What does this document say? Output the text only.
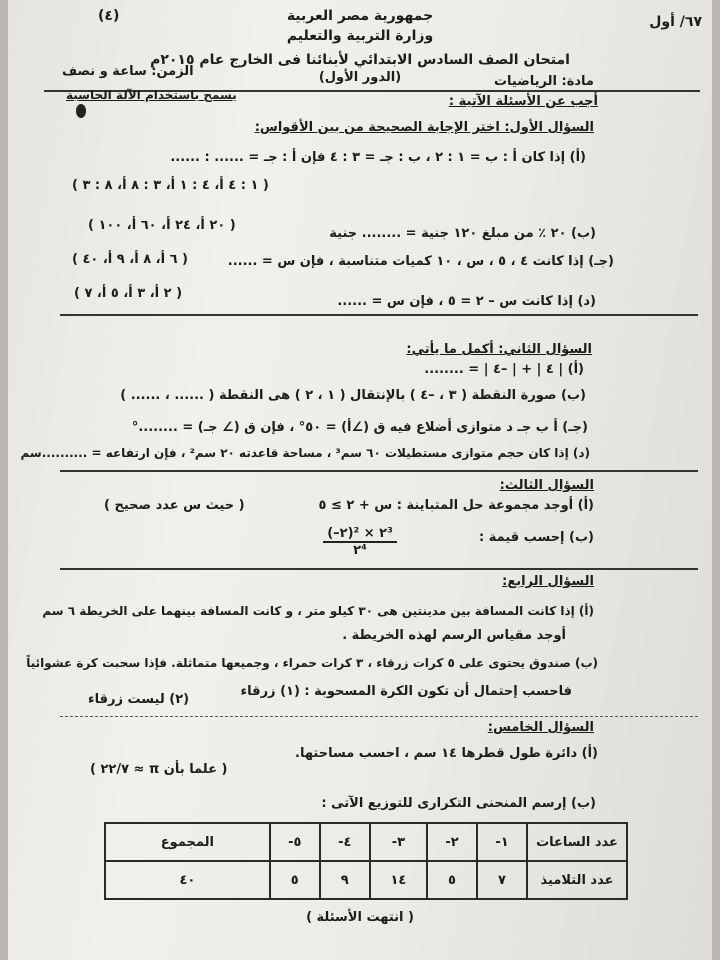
جمهورية مصر العربية
وزارة التربية والتعليم
امتحان الصف السادس الابتدائي لأبنائنا فى الخارج عام ٢٠١٥م
(٤)	٦٧/ أول
مادة: الرياضيات
(الدور الأول)
الزمن: ساعة و نصف
أجب عن الأسئلة الآتية :
يسمح باستخدام الآلة الحاسبة
السؤال الأول: اختر الإجابة الصحيحة من بين الأقواس:
(أ) إذا كان أ : ب = ١ : ٢ ، ب : جـ = ٣ : ٤ فإن أ : جـ = ...... : ......
( ١ : ٤ أ، ٤ : ١ أ، ٣ : ٨ أ، ٨ : ٣ )
(ب) ٢٠ ٪ من مبلغ ١٢٠ جنية = ........ جنية
( ٢٠ أ، ٢٤ أ، ٦٠ أ، ١٠٠ )
(جـ) إذا كانت ٤ ، ٥ ، س ، ١٠ كميات متناسبة ، فإن س = ......
( ٦ أ، ٨ أ، ٩ أ، ٤٠ )
(د) إذا كانت س – ٢ = ٥ ، فإن س = ......
( ٢ أ، ٣ أ، ٥ أ، ٧ )
السؤال الثاني: أكمل ما يأتي:
(أ) | ٤ | + | –٤ | = ........
(ب) صورة النقطة ( ٣ ، –٤ ) بالإنتقال ( ١ ، ٢ ) هى النقطة ( ...... ، ...... )
(جـ) أ ب جـ د متوازى أضلاع فيه ق (∠أ) = ٥٠° ، فإن ق (∠ جـ) = ........°
(د) إذا كان حجم متوازى مستطيلات ٦٠ سم³ ، مساحة قاعدته ٢٠ سم² ، فإن ارتفاعه = ..........سم
السؤال الثالث:
(أ) أوجد مجموعة حل المتباينة : س + ٢ ≥ ٥
( حيث س عدد صحيح )
(ب) إحسب قيمة :
(–٢)² × ٢³
٢⁴
السؤال الرابع:
(أ) إذا كانت المسافة بين مدينتين هى ٣٠ كيلو متر ، و كانت المسافة بينهما على الخريطة ٦ سم
أوجد مقياس الرسم لهذه الخريطة .
(ب) صندوق يحتوى على ٥ كرات زرقاء ، ٣ كرات حمراء ، وجميعها متماثلة. فإذا سحبت كرة عشوائياً
فاحسب إحتمال أن تكون الكرة المسحوبة : (١) زرقاء
(٢) ليست زرقاء
السؤال الخامس:
(أ) دائرة طول قطرها ١٤ سم ، احسب مساحتها.
( علما بأن π ≈ ٢٢/٧ )
(ب) إرسم المنحنى التكرارى للتوزيع الآتى :
عدد الساعات	١-	٢-	٣-	٤-	٥-	المجموع
عدد التلاميذ	٧	٥	١٤	٩	٥	٤٠
( انتهت الأسئلة )
